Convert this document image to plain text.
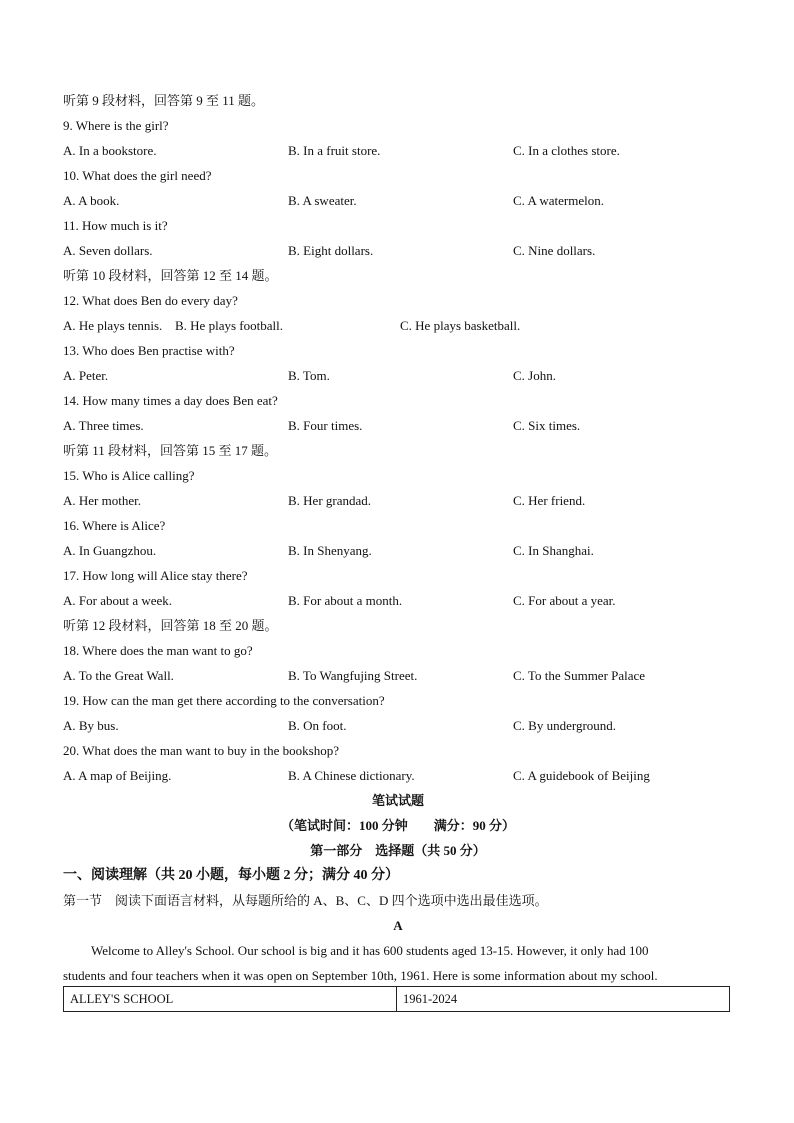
听第 9 段材料，回答第 9 至 11 题。
9. Where is the girl?
A. In a bookstore.	B. In a fruit store.	C. In a clothes store.
10. What does the girl need?
A. A book.	B. A sweater.	C. A watermelon.
11. How much is it?
A. Seven dollars.	B. Eight dollars.	C. Nine dollars.
听第 10 段材料，回答第 12 至 14 题。
12. What does Ben do every day?
A. He plays tennis. B. He plays football.	C. He plays basketball.
13. Who does Ben practise with?
A. Peter.	B. Tom.	C. John.
14. How many times a day does Ben eat?
A. Three times.	B. Four times.	C. Six times.
听第 11 段材料，回答第 15 至 17 题。
15. Who is Alice calling?
A. Her mother.	B. Her grandad.	C. Her friend.
16. Where is Alice?
A. In Guangzhou.	B. In Shenyang.	C. In Shanghai.
17. How long will Alice stay there?
A. For about a week.	B. For about a month.	C. For about a year.
听第 12 段材料，回答第 18 至 20 题。
18. Where does the man want to go?
A. To the Great Wall.	B. To Wangfujing Street.	C. To the Summer Palace
19. How can the man get there according to the conversation?
A. By bus.	B. On foot.	C. By underground.
20. What does the man want to buy in the bookshop?
A. A map of Beijing.	B. A Chinese dictionary.	C. A guidebook of Beijing
笔试试题
（笔试时间：100 分钟　　满分：90 分）
第一部分　选择题（共 50 分）
一、阅读理解（共 20 小题，每小题 2 分；满分 40 分）
第一节　阅读下面语言材料，从每题所给的 A、B、C、D 四个选项中选出最佳选项。
A
Welcome to Alley's School. Our school is big and it has 600 students aged 13-15. However, it only had 100
students and four teachers when it was open on September 10th, 1961. Here is some information about my school.
ALLEY'S SCHOOL	1961-2024
